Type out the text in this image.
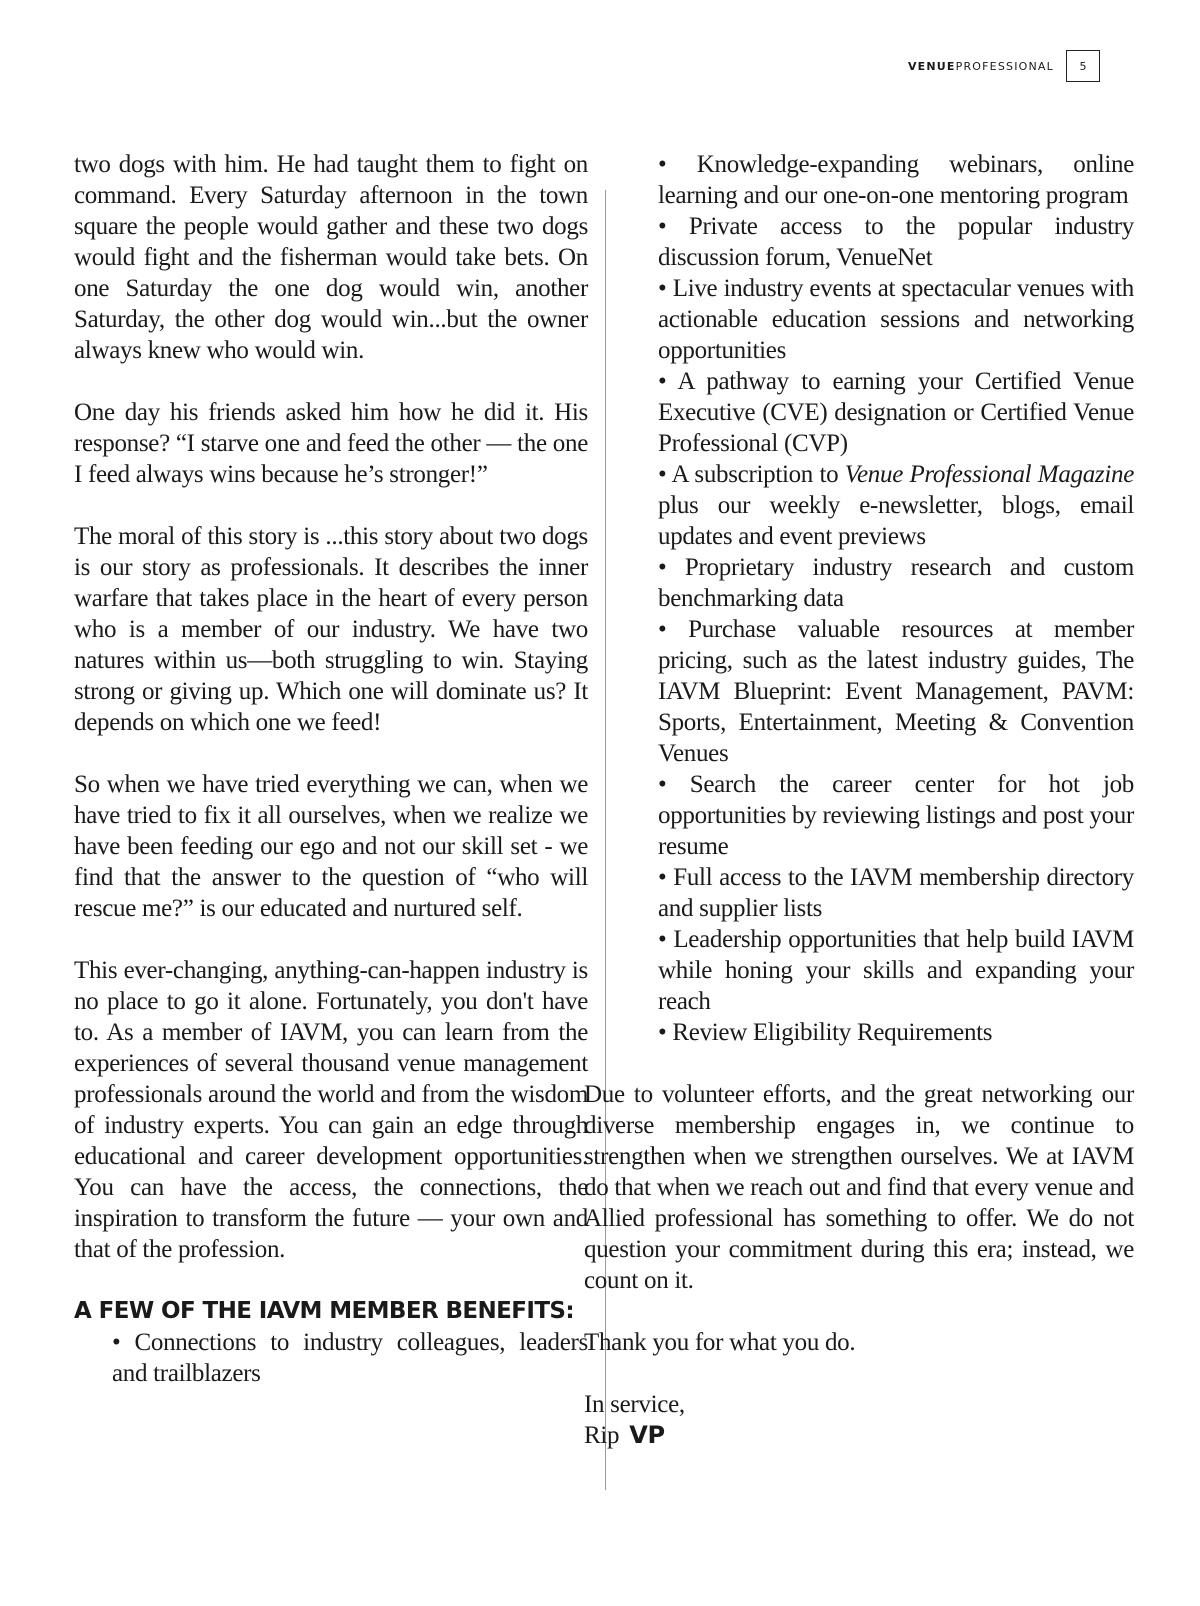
VENUEPROFESSIONAL	5

two dogs with him. He had taught them to fight on command. Every Saturday afternoon in the town square the people would gather and these two dogs would fight and the fisherman would take bets. On one Saturday the one dog would win, another Saturday, the other dog would win...but the owner always knew who would win.

One day his friends asked him how he did it. His response? “I starve one and feed the other — the one I feed always wins because he’s stronger!”

The moral of this story is ...this story about two dogs is our story as professionals. It describes the inner warfare that takes place in the heart of every person who is a member of our industry. We have two natures within us—both struggling to win. Staying strong or giving up. Which one will dominate us? It depends on which one we feed!

So when we have tried everything we can, when we have tried to fix it all ourselves, when we realize we have been feeding our ego and not our skill set - we find that the answer to the question of “who will rescue me?” is our educated and nurtured self.

This ever-changing, anything-can-happen industry is no place to go it alone. Fortunately, you don't have to. As a member of IAVM, you can learn from the experiences of several thousand venue management professionals around the world and from the wisdom of industry experts. You can gain an edge through educational and career development opportunities. You can have the access, the connections, the inspiration to transform the future — your own and that of the profession.

A FEW OF THE IAVM MEMBER BENEFITS:
• Connections to industry colleagues, leaders and trailblazers
• Knowledge-expanding webinars, online learning and our one-on-one mentoring program
• Private access to the popular industry discussion forum, VenueNet
• Live industry events at spectacular venues with actionable education sessions and networking opportunities
• A pathway to earning your Certified Venue Executive (CVE) designation or Certified Venue Professional (CVP)
• A subscription to Venue Professional Magazine plus our weekly e-newsletter, blogs, email updates and event previews
• Proprietary industry research and custom benchmarking data
• Purchase valuable resources at member pricing, such as the latest industry guides, The IAVM Blueprint: Event Management, PAVM: Sports, Entertainment, Meeting & Convention Venues
• Search the career center for hot job opportunities by reviewing listings and post your resume
• Full access to the IAVM membership directory and supplier lists
• Leadership opportunities that help build IAVM while honing your skills and expanding your reach
• Review Eligibility Requirements

Due to volunteer efforts, and the great networking our diverse membership engages in, we continue to strengthen when we strengthen ourselves. We at IAVM do that when we reach out and find that every venue and Allied professional has something to offer. We do not question your commitment during this era; instead, we count on it.

Thank you for what you do.

In service,

Rip VP
